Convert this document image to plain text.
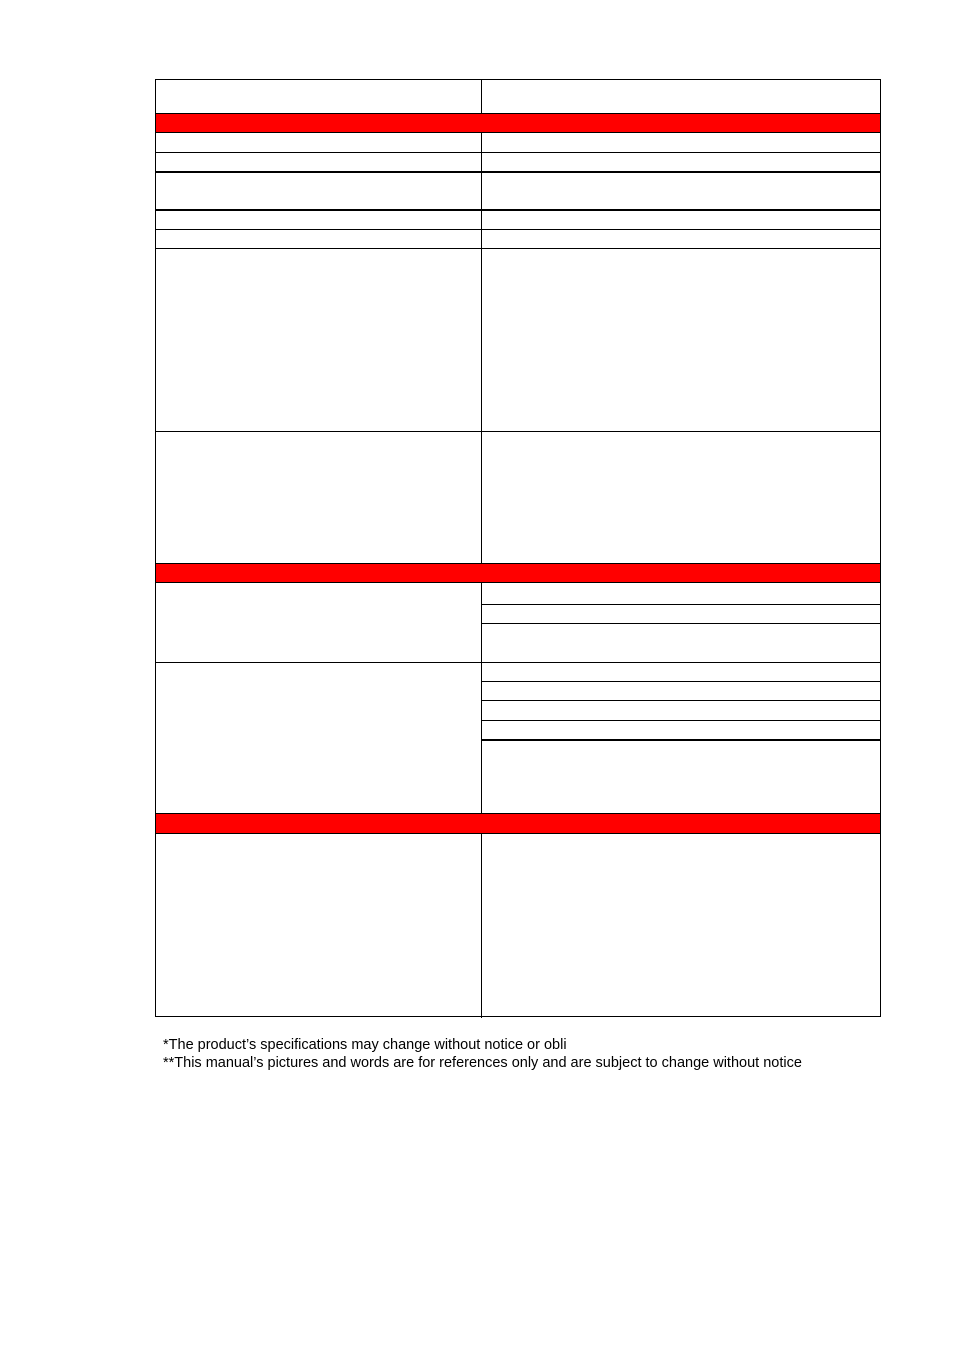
*The product’s specifications may change without notice or obli

**This manual’s pictures and words are for references only and are subject to change without notice
